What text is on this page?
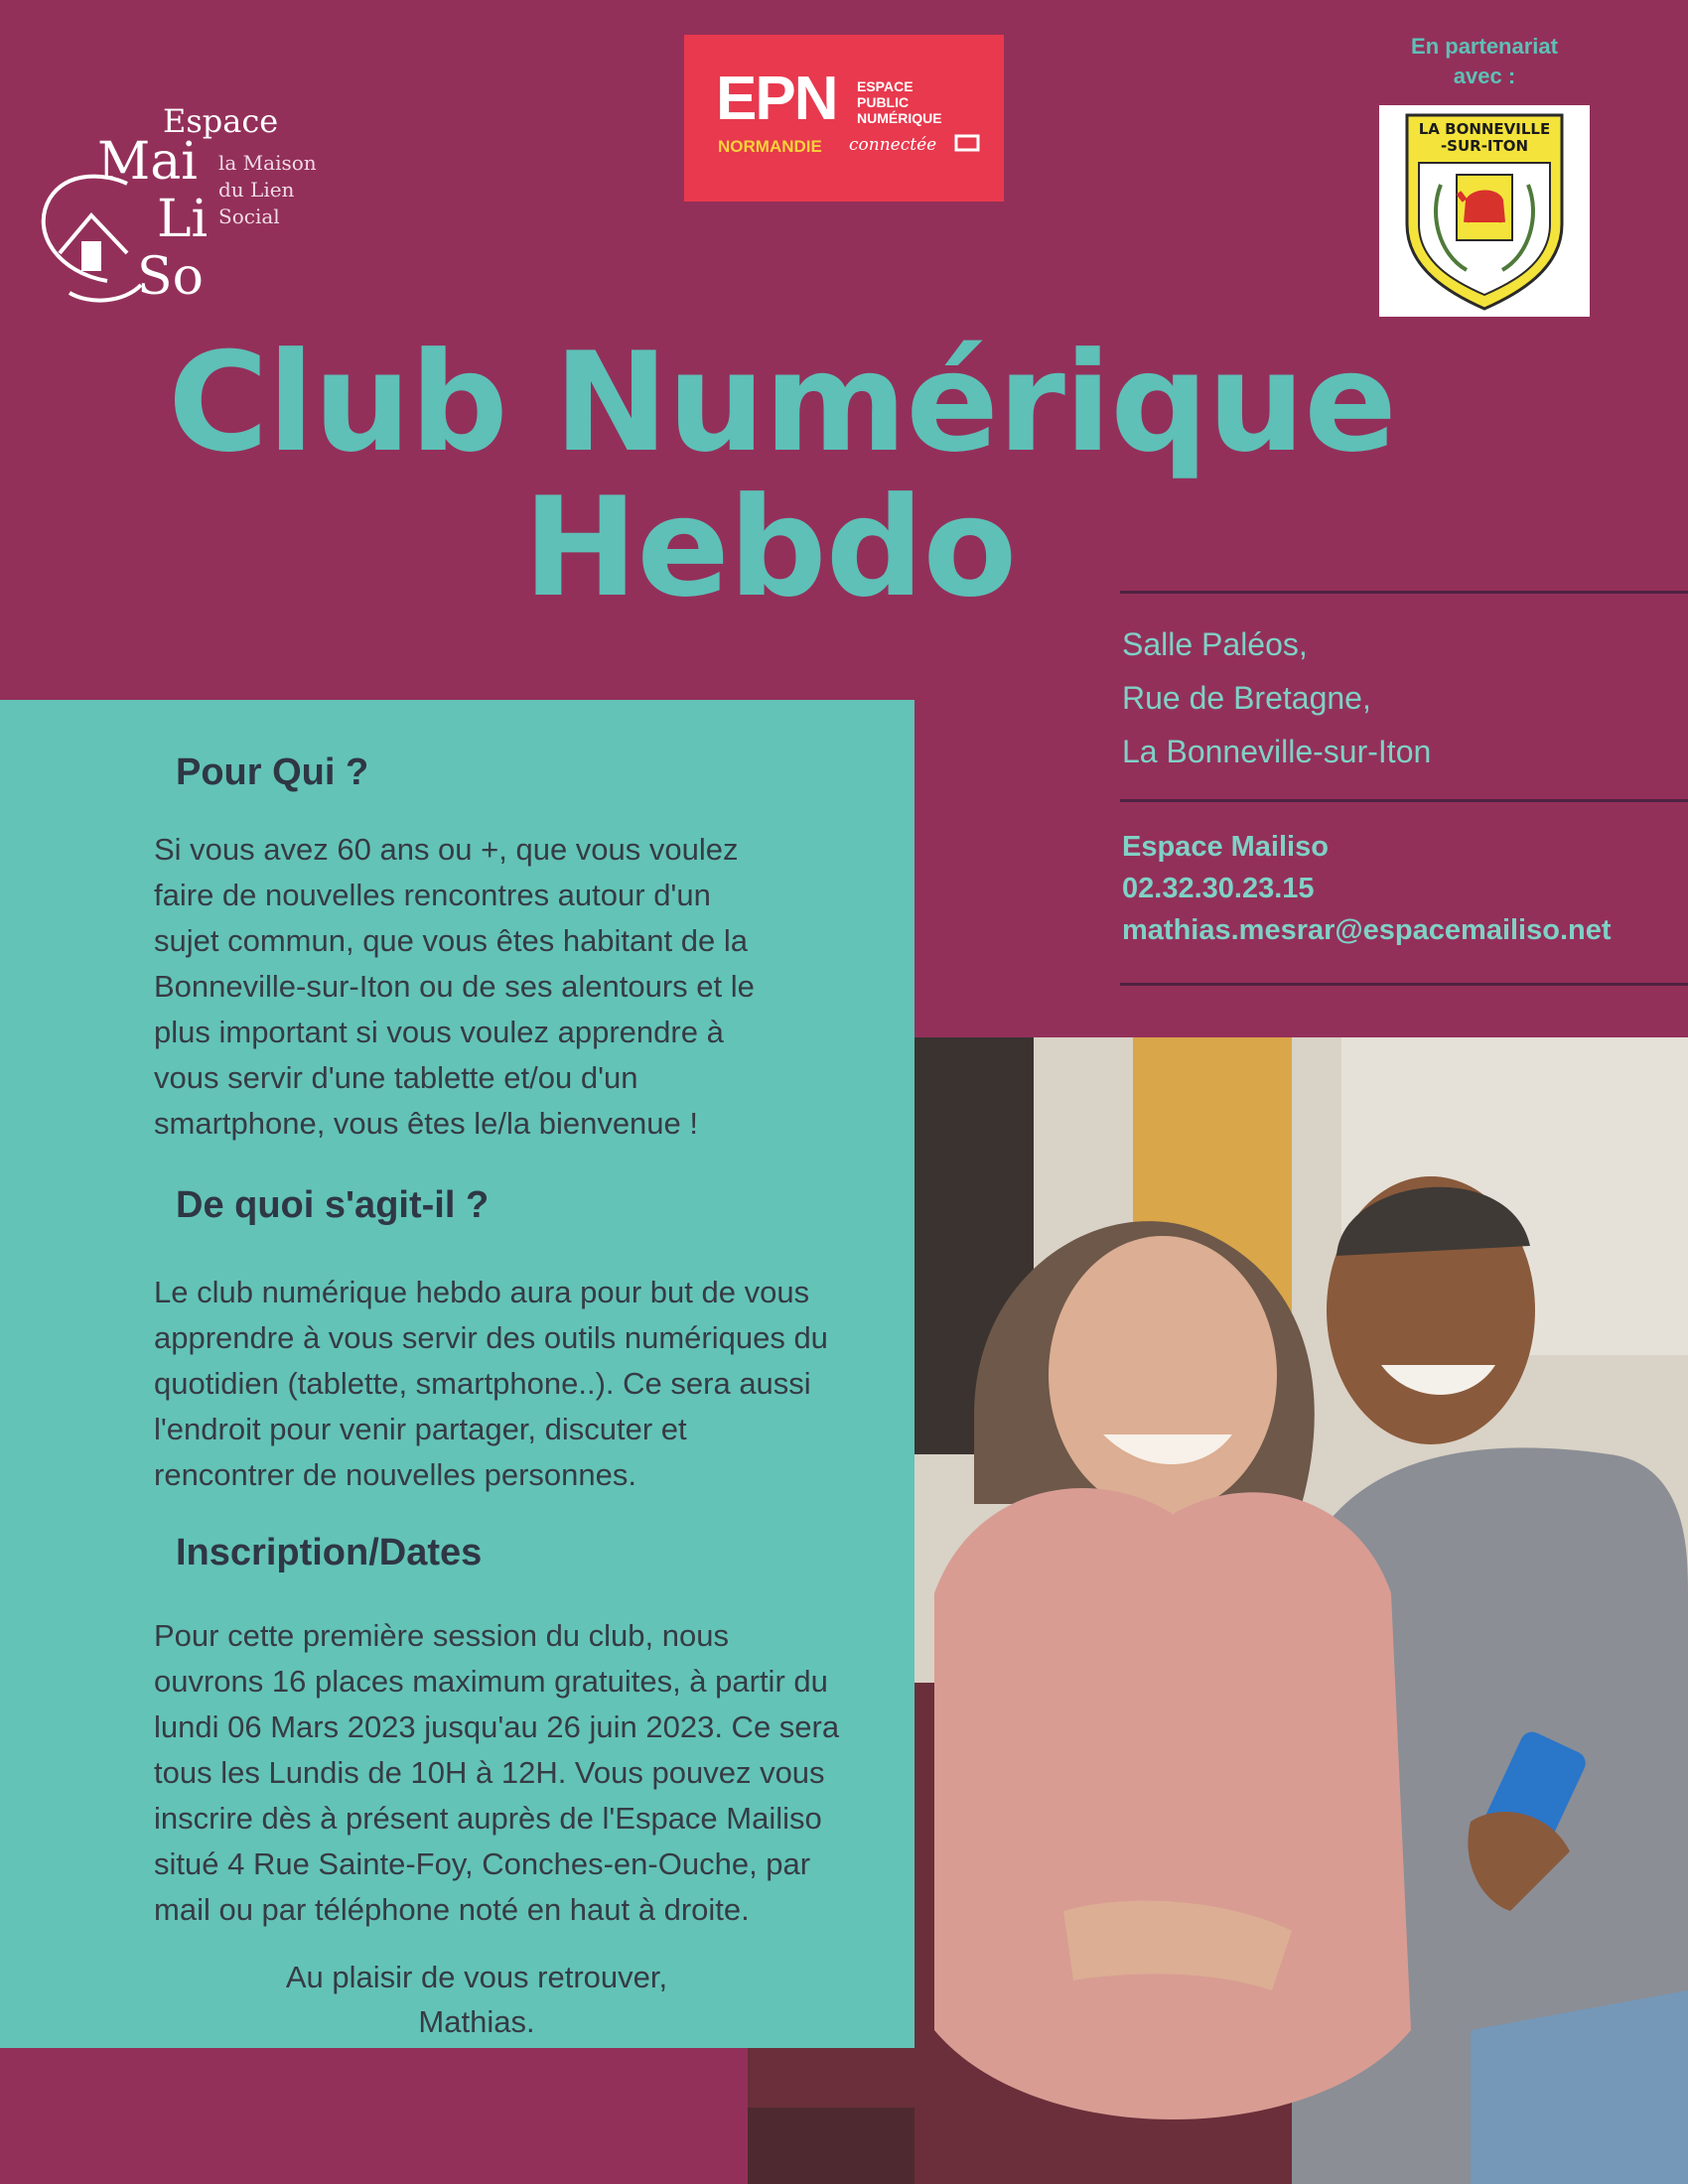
Espace
Mai
Li
So
la Maison
du Lien
Social
EPN ESPACE
PUBLIC
NUMÉRIQUE
NORMANDIE connectée
En partenariat
avec :
LA BONNEVILLE
-SUR-ITON
Club Numérique
Hebdo
Salle Paléos,
Rue de Bretagne,
La Bonneville-sur-Iton
Espace Mailiso
02.32.30.23.15
mathias.mesrar@espacemailiso.net
Pour Qui ?
Si vous avez 60 ans ou +, que vous voulez
faire de nouvelles rencontres autour d'un
sujet commun, que vous êtes habitant de la
Bonneville-sur-Iton ou de ses alentours et le
plus important si vous voulez apprendre à
vous servir d'une tablette et/ou d'un
smartphone, vous êtes le/la bienvenue !
De quoi s'agit-il ?
Le club numérique hebdo aura pour but de vous
apprendre à vous servir des outils numériques du
quotidien (tablette, smartphone..). Ce sera aussi
l'endroit pour venir partager, discuter et
rencontrer de nouvelles personnes.
Inscription/Dates
Pour cette première session du club, nous
ouvrons 16 places maximum gratuites, à partir du
lundi 06 Mars 2023 jusqu'au 26 juin 2023. Ce sera
tous les Lundis de 10H à 12H. Vous pouvez vous
inscrire dès à présent auprès de l'Espace Mailiso
situé 4 Rue Sainte-Foy, Conches-en-Ouche, par
mail ou par téléphone noté en haut à droite.
Au plaisir de vous retrouver,
Mathias.
